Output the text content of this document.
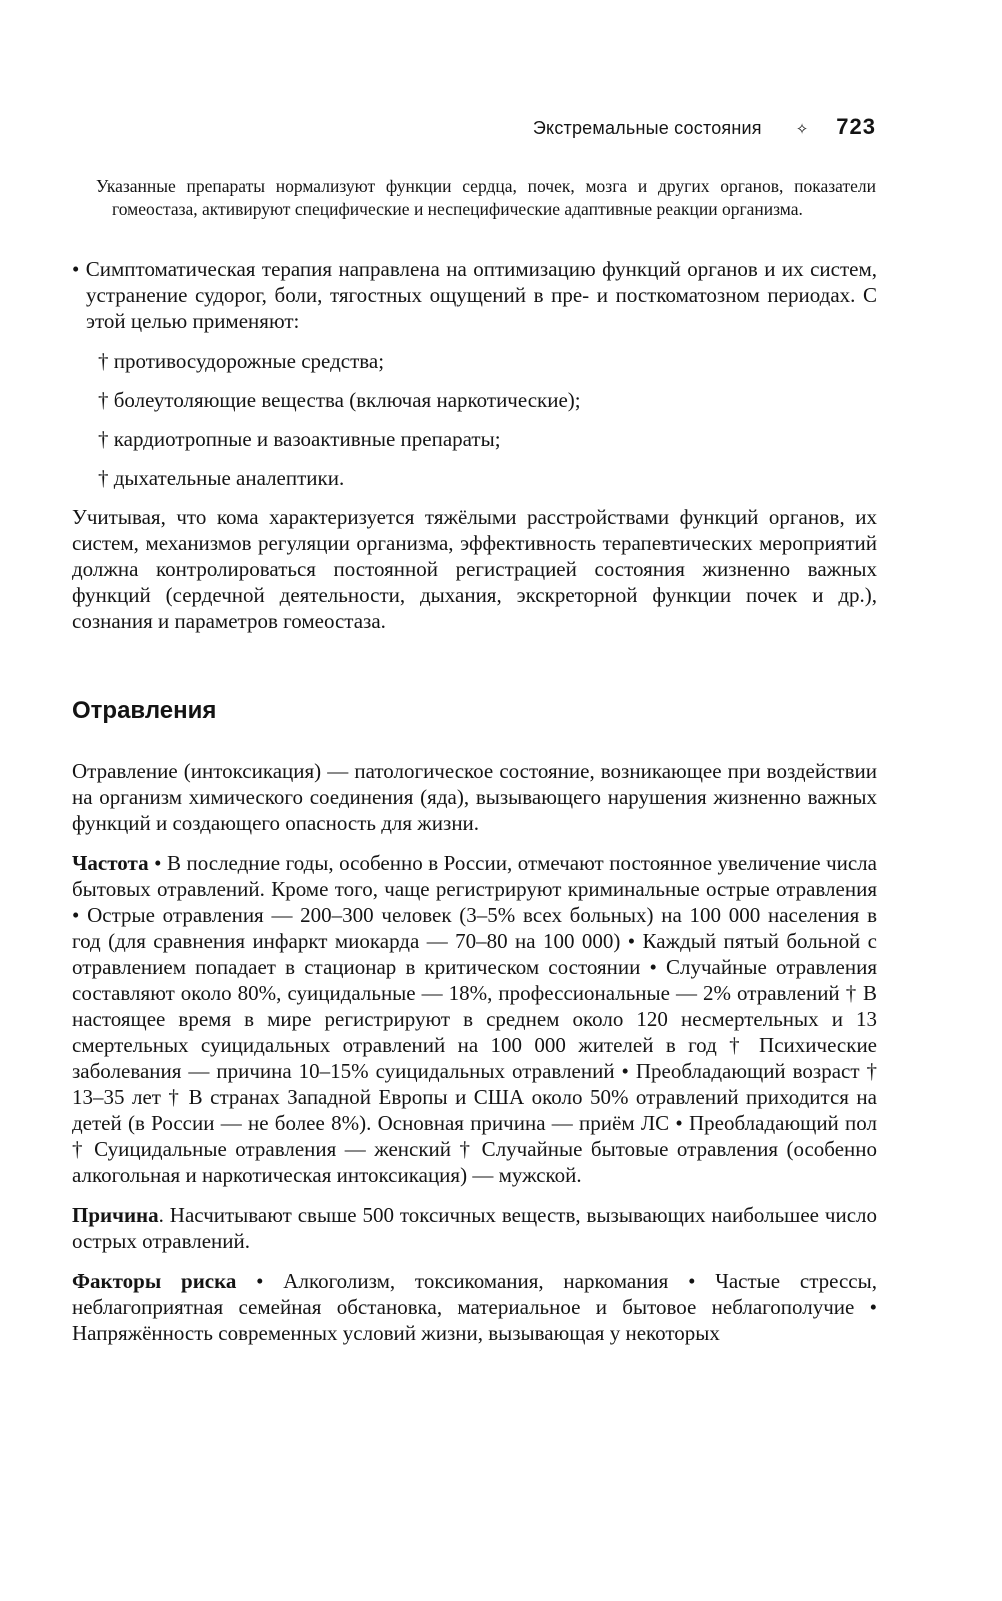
Экстремальные состояния ✧ 723
Указанные препараты нормализуют функции сердца, почек, мозга и других органов, показатели гомеостаза, активируют специфические и неспецифические адаптивные реакции организма.

• Симптоматическая терапия направлена на оптимизацию функций органов и их систем, устранение судорог, боли, тягостных ощущений в пре- и посткоматозном периодах. С этой целью применяют:

† противосудорожные средства;
† болеутоляющие вещества (включая наркотические);
† кардиотропные и вазоактивные препараты;
† дыхательные аналептики.

Учитывая, что кома характеризуется тяжёлыми расстройствами функций органов, их систем, механизмов регуляции организма, эффективность терапевтических мероприятий должна контролироваться постоянной регистрацией состояния жизненно важных функций (сердечной деятельности, дыхания, экскреторной функции почек и др.), сознания и параметров гомеостаза.

Отравления

Отравление (интоксикация) — патологическое состояние, возникающее при воздействии на организм химического соединения (яда), вызывающего нарушения жизненно важных функций и создающего опасность для жизни.

Частота • В последние годы, особенно в России, отмечают постоянное увеличение числа бытовых отравлений. Кроме того, чаще регистрируют криминальные острые отравления • Острые отравления — 200–300 человек (3–5% всех больных) на 100 000 населения в год (для сравнения инфаркт миокарда — 70–80 на 100 000) • Каждый пятый больной с отравлением попадает в стационар в критическом состоянии • Случайные отравления составляют около 80%, суицидальные — 18%, профессиональные — 2% отравлений † В настоящее время в мире регистрируют в среднем около 120 несмертельных и 13 смертельных суицидальных отравлений на 100 000 жителей в год † Психические заболевания — причина 10–15% суицидальных отравлений • Преобладающий возраст † 13–35 лет † В странах Западной Европы и США около 50% отравлений приходится на детей (в России — не более 8%). Основная причина — приём ЛС • Преобладающий пол † Суицидальные отравления — женский † Случайные бытовые отравления (особенно алкогольная и наркотическая интоксикация) — мужской.

Причина. Насчитывают свыше 500 токсичных веществ, вызывающих наибольшее число острых отравлений.

Факторы риска • Алкоголизм, токсикомания, наркомания • Частые стрессы, неблагоприятная семейная обстановка, материальное и бытовое неблагополучие • Напряжённость современных условий жизни, вызывающая у некоторых
